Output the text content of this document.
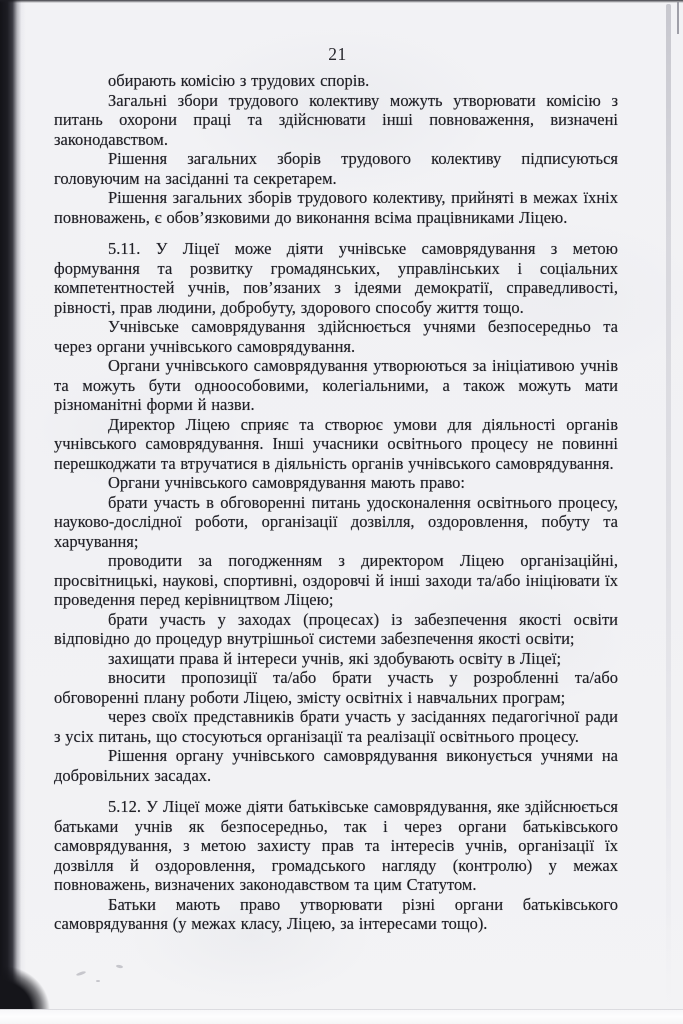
21

обирають комісію з трудових спорів.

Загальні збори трудового колективу можуть утворювати комісію з питань охорони праці та здійснювати інші повноваження, визначені законодавством.

Рішення загальних зборів трудового колективу підписуються головуючим на засіданні та секретарем.

Рішення загальних зборів трудового колективу, прийняті в межах їхніх повноважень, є обов’язковими до виконання всіма працівниками Ліцею.

5.11. У Ліцеї може діяти учнівське самоврядування з метою формування та розвитку громадянських, управлінських і соціальних компетентностей учнів, пов’язаних з ідеями демократії, справедливості, рівності, прав людини, добробуту, здорового способу життя тощо.

Учнівське самоврядування здійснюється учнями безпосередньо та через органи учнівського самоврядування.

Органи учнівського самоврядування утворюються за ініціативою учнів та можуть бути одноособовими, колегіальними, а також можуть мати різноманітні форми й назви.

Директор Ліцею сприяє та створює умови для діяльності органів учнівського самоврядування. Інші учасники освітнього процесу не повинні перешкоджати та втручатися в діяльність органів учнівського самоврядування.

Органи учнівського самоврядування мають право:

брати участь в обговоренні питань удосконалення освітнього процесу, науково-дослідної роботи, організації дозвілля, оздоровлення, побуту та харчування;

проводити за погодженням з директором Ліцею організаційні, просвітницькі, наукові, спортивні, оздоровчі й інші заходи та/або ініціювати їх проведення перед керівництвом Ліцею;

брати участь у заходах (процесах) із забезпечення якості освіти відповідно до процедур внутрішньої системи забезпечення якості освіти;

захищати права й інтереси учнів, які здобувають освіту в Ліцеї;

вносити пропозиції та/або брати участь у розробленні та/або обговоренні плану роботи Ліцею, змісту освітніх і навчальних програм;

через своїх представників брати участь у засіданнях педагогічної ради з усіх питань, що стосуються організації та реалізації освітнього процесу.

Рішення органу учнівського самоврядування виконується учнями на добровільних засадах.

5.12. У Ліцеї може діяти батьківське самоврядування, яке здійснюється батьками учнів як безпосередньо, так і через органи батьківського самоврядування, з метою захисту прав та інтересів учнів, організації їх дозвілля й оздоровлення, громадського нагляду (контролю) у межах повноважень, визначених законодавством та цим Статутом.

Батьки мають право утворювати різні органи батьківського самоврядування (у межах класу, Ліцею, за інтересами тощо).
